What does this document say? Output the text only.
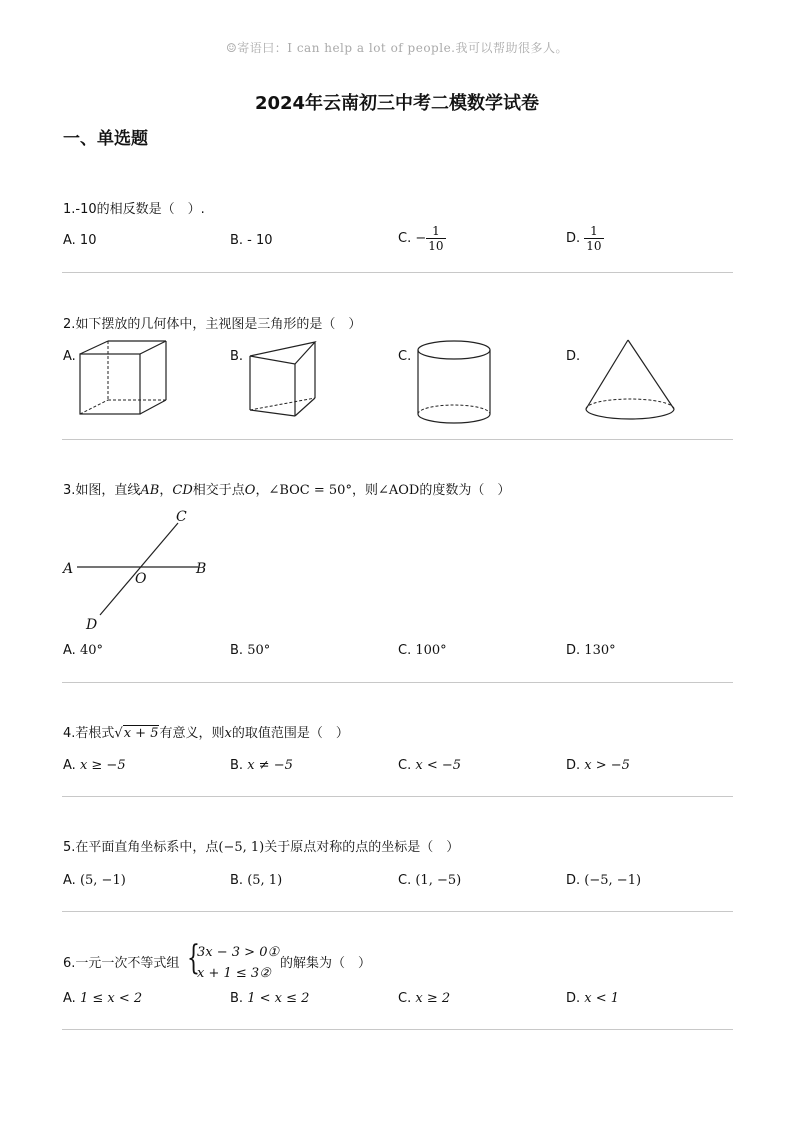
☺寄语曰：I can help a lot of people.我可以帮助很多人。
2024年云南初三中考二模数学试卷
一、单选题
1.-10的相反数是（　）.
A. 10	B. - 10	C. − $\frac{1}{10}$	D. $\frac{1}{10}$
2.如下摆放的几何体中，主视图是三角形的是（　）
A.	B.	C.	D.
3.如图，直线AB，CD相交于点O，∠BOC = 50°，则∠AOD的度数为（　）
A	B
C
D
O
A. 40°	B. 50°	C. 100°	D. 130°
4.若根式√x + 5有意义，则x的取值范围是（　）
A. x ≥ −5	B. x ≠ −5	C. x < −5	D. x > −5
5.在平面直角坐标系中，点(−5, 1)关于原点对称的点的坐标是（　）
A. (5, −1)	B. (5, 1)	C. (1, −5)	D. (−5, −1)
6.一元一次不等式组 {
3x − 3 > 0①
x + 1 ≤ 3②
的解集为（　）
A. 1 ≤ x < 2	B. 1 < x ≤ 2	C. x ≥ 2	D. x < 1
